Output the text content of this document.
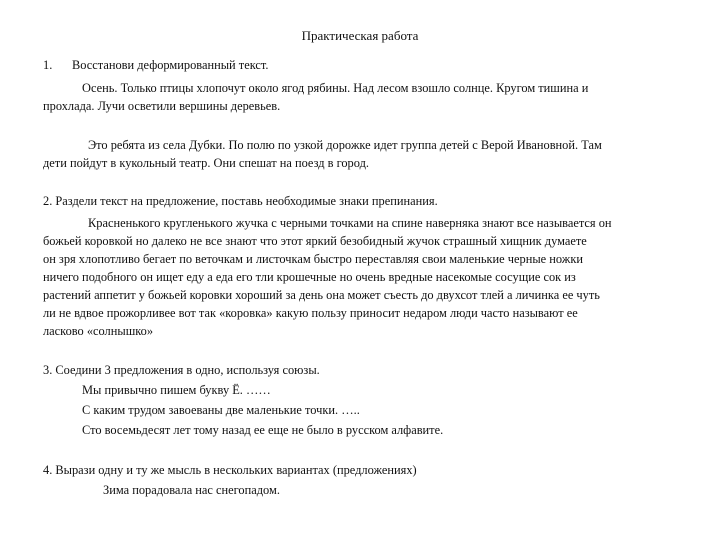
Практическая работа
1. Восстанови деформированный текст.
Осень. Только птицы хлопочут около ягод рябины. Над лесом взошло солнце. Кругом тишина и
прохлада. Лучи осветили вершины деревьев.
Это ребята из села Дубки. По полю по узкой дорожке идет группа детей с Верой Ивановной. Там
дети пойдут в кукольный театр. Они спешат на поезд в город.
2. Раздели текст на предложение, поставь необходимые знаки препинания.
Красненького кругленького жучка с черными точками на спине наверняка знают все называется он
божьей коровкой но далеко не все знают что этот яркий безобидный жучок страшный хищник думаете
он зря хлопотливо бегает по веточкам и листочкам быстро переставляя свои маленькие черные ножки
ничего подобного он ищет еду а еда его тли крошечные но очень вредные насекомые сосущие сок из
растений аппетит у божьей коровки хороший за день она может съесть до двухсот тлей а личинка ее чуть
ли не вдвое прожорливее вот так «коровка» какую пользу приносит недаром люди часто называют ее
ласково «солнышко»
3. Соедини 3 предложения в одно, используя союзы.
Мы привычно пишем букву Ё. ……
С каким трудом завоеваны две маленькие точки. …..
Сто восемьдесят лет тому назад ее еще не было в русском алфавите.
4. Вырази одну и ту же мысль в нескольких вариантах (предложениях)
Зима порадовала нас снегопадом.
